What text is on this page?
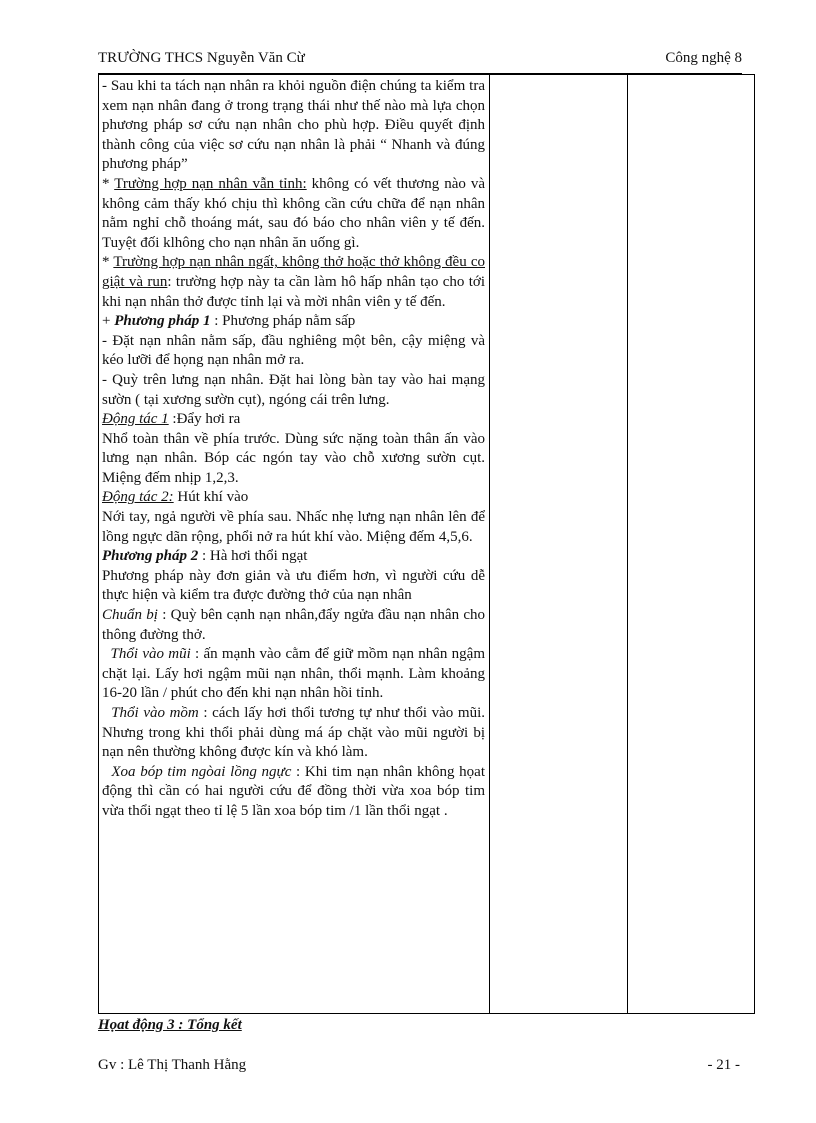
TRƯỜNG THCS Nguyễn Văn Cừ	Công nghệ 8

- Sau khi ta tách nạn nhân ra khỏi nguồn điện chúng ta kiểm tra xem nạn nhân đang ở trong trạng thái như thế nào mà lựa chọn phương pháp sơ cứu nạn nhân cho phù hợp. Điều quyết định thành công của việc sơ cứu nạn nhân là phải “ Nhanh và đúng phương pháp”

* Trường hợp nạn nhân vẫn tỉnh: không có vết thương nào và không cảm thấy khó chịu thì không cần cứu chữa để nạn nhân nằm nghỉ chỗ thoáng mát, sau đó báo cho nhân viên y tế đến. Tuyệt đối klhông cho nạn nhân ăn uống gì.

* Trường hợp nạn nhân ngất, không thở hoặc thở không đều co giật và run: trường hợp này ta cần làm hô hấp nhân tạo cho tới khi nạn nhân thở được tỉnh lại và mời nhân viên y tế đến.

+ Phương pháp 1 : Phương pháp nằm sấp

- Đặt nạn nhân nằm sấp, đầu nghiêng một bên, cậy miệng và kéo lưỡi để họng nạn nhân mở ra.

- Quỳ trên lưng nạn nhân. Đặt hai lòng bàn tay vào hai mạng sườn ( tại xương sườn cụt), ngóng cái trên lưng.

Động tác 1 :Đẩy hơi ra

Nhổ toàn thân về phía trước. Dùng sức nặng toàn thân ấn vào lưng nạn nhân. Bóp các ngón tay vào chỗ xương sườn cụt. Miệng đếm nhịp 1,2,3.

Động tác 2: Hút khí vào

Nới tay, ngả người về phía sau. Nhấc nhẹ lưng nạn nhân lên để lồng ngực dãn rộng, phổi nở ra hút khí vào. Miệng đếm 4,5,6.

Phương pháp 2 : Hà hơi thổi ngạt

Phương pháp này đơn giản và ưu điểm hơn, vì người cứu dễ thực hiện và kiểm tra được đường thở của nạn nhân

Chuẩn bị : Quỳ bên cạnh nạn nhân,đẩy ngửa đầu nạn nhân cho thông đường thở.

Thổi vào mũi : ấn mạnh vào cằm để giữ mồm nạn nhân ngậm chặt lại. Lấy hơi ngậm mũi nạn nhân, thổi mạnh. Làm khoảng 16-20 lần / phút cho đến khi nạn nhân hồi tỉnh.

Thổi vào mồm : cách lấy hơi thổi tương tự như thổi vào mũi. Nhưng trong khi thổi phải dùng má áp chặt vào mũi người bị nạn nên thường không được kín và khó làm.

Xoa bóp tim ngòai lồng ngực : Khi tim nạn nhân không họat động thì cần có hai người cứu để đồng thời vừa xoa bóp tim vừa thổi ngạt theo tỉ lệ 5 lần xoa bóp tim /1 lần thổi ngạt .

Họat động 3 : Tổng kết
Gv : Lê Thị Thanh Hằng	- 21 -
